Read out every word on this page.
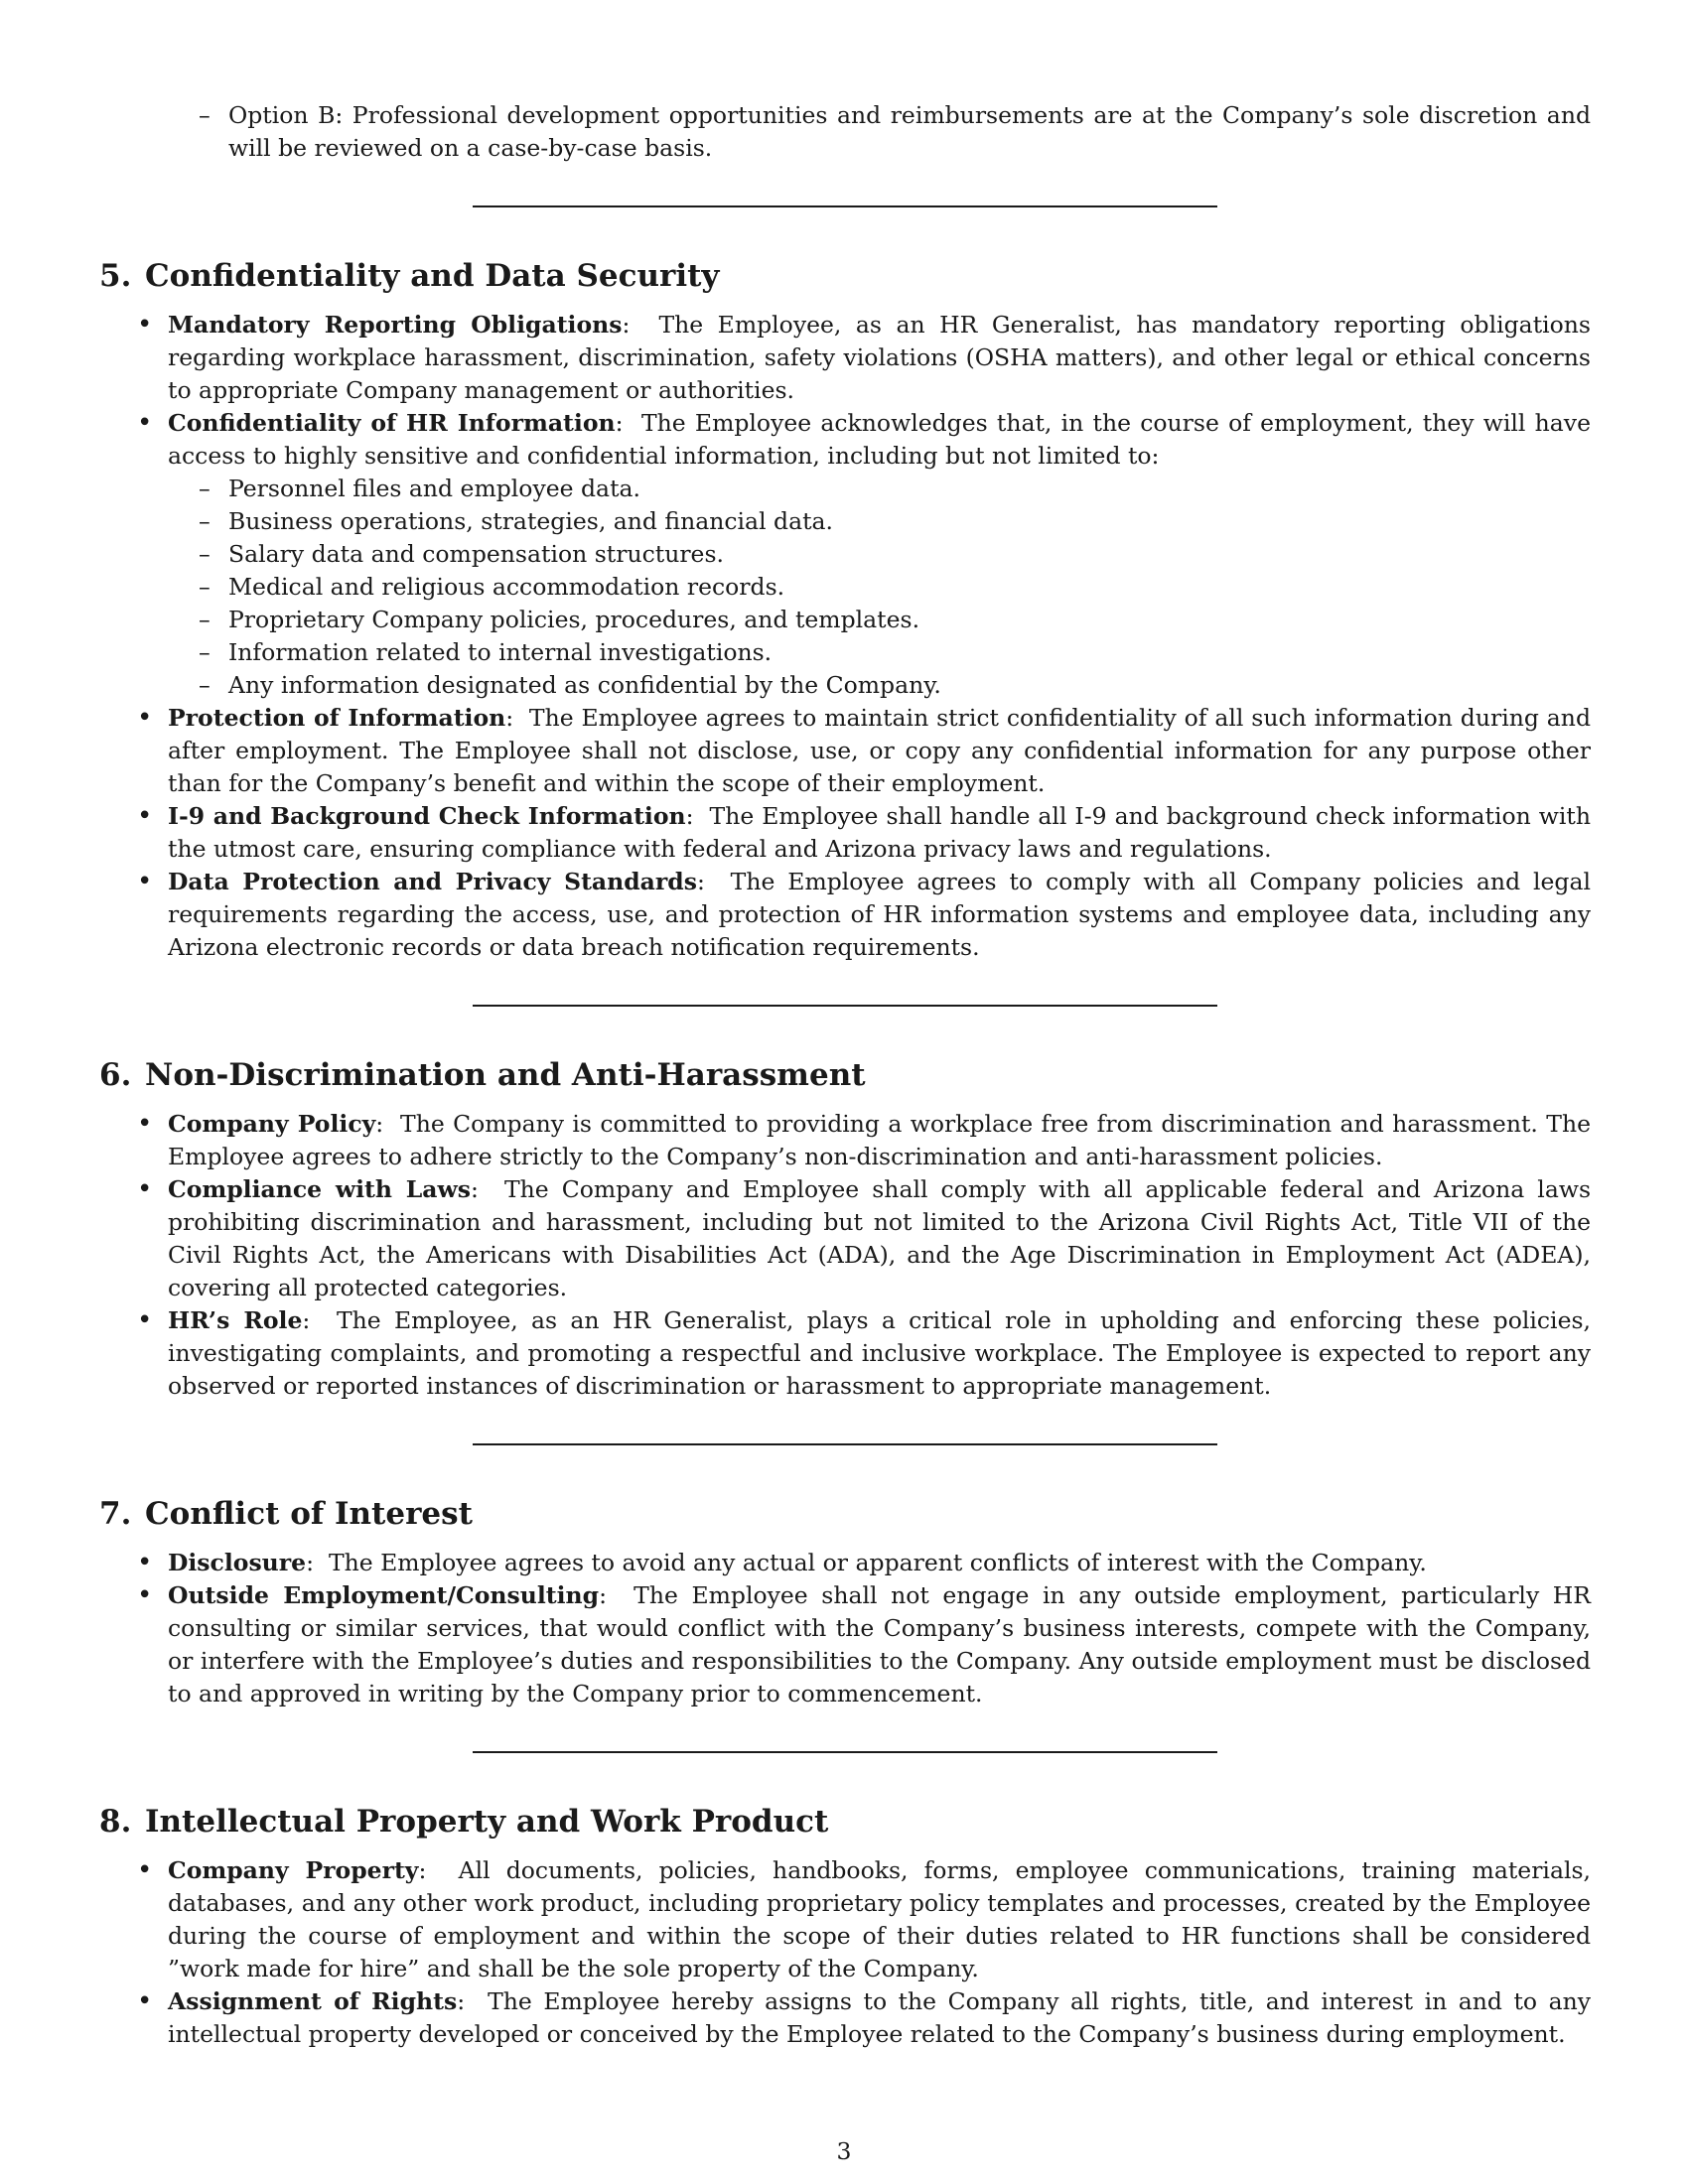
– Option B: Professional development opportunities and reimbursements are at the Company’s sole discretion and will be reviewed on a case-by-case basis.
5. Confidentiality and Data Security
• Mandatory Reporting Obligations:  The Employee, as an HR Generalist, has mandatory reporting obligations regarding workplace harassment, discrimination, safety violations (OSHA matters), and other legal or ethical concerns to appropriate Company management or authorities.
• Confidentiality of HR Information:  The Employee acknowledges that, in the course of employment, they will have access to highly sensitive and confidential information, including but not limited to:
– Personnel files and employee data.
– Business operations, strategies, and financial data.
– Salary data and compensation structures.
– Medical and religious accommodation records.
– Proprietary Company policies, procedures, and templates.
– Information related to internal investigations.
– Any information designated as confidential by the Company.
• Protection of Information:  The Employee agrees to maintain strict confidentiality of all such information during and after employment. The Employee shall not disclose, use, or copy any confidential information for any purpose other than for the Company’s benefit and within the scope of their employment.
• I-9 and Background Check Information:  The Employee shall handle all I-9 and background check information with the utmost care, ensuring compliance with federal and Arizona privacy laws and regulations.
• Data Protection and Privacy Standards:  The Employee agrees to comply with all Company policies and legal requirements regarding the access, use, and protection of HR information systems and employee data, including any Arizona electronic records or data breach notification requirements.
6. Non-Discrimination and Anti-Harassment
• Company Policy:  The Company is committed to providing a workplace free from discrimination and harassment. The Employee agrees to adhere strictly to the Company’s non-discrimination and anti-harassment policies.
• Compliance with Laws:  The Company and Employee shall comply with all applicable federal and Arizona laws prohibiting discrimination and harassment, including but not limited to the Arizona Civil Rights Act, Title VII of the Civil Rights Act, the Americans with Disabilities Act (ADA), and the Age Discrimination in Employment Act (ADEA), covering all protected categories.
• HR’s Role:  The Employee, as an HR Generalist, plays a critical role in upholding and enforcing these policies, investigating complaints, and promoting a respectful and inclusive workplace. The Employee is expected to report any observed or reported instances of discrimination or harassment to appropriate management.
7. Conflict of Interest
• Disclosure:  The Employee agrees to avoid any actual or apparent conflicts of interest with the Company.
• Outside Employment/Consulting:  The Employee shall not engage in any outside employment, particularly HR consulting or similar services, that would conflict with the Company’s business interests, compete with the Company, or interfere with the Employee’s duties and responsibilities to the Company. Any outside employment must be disclosed to and approved in writing by the Company prior to commencement.
8. Intellectual Property and Work Product
• Company Property:  All documents, policies, handbooks, forms, employee communications, training materials, databases, and any other work product, including proprietary policy templates and processes, created by the Employee during the course of employment and within the scope of their duties related to HR functions shall be considered ”work made for hire” and shall be the sole property of the Company.
• Assignment of Rights:  The Employee hereby assigns to the Company all rights, title, and interest in and to any intellectual property developed or conceived by the Employee related to the Company’s business during employment.
3
